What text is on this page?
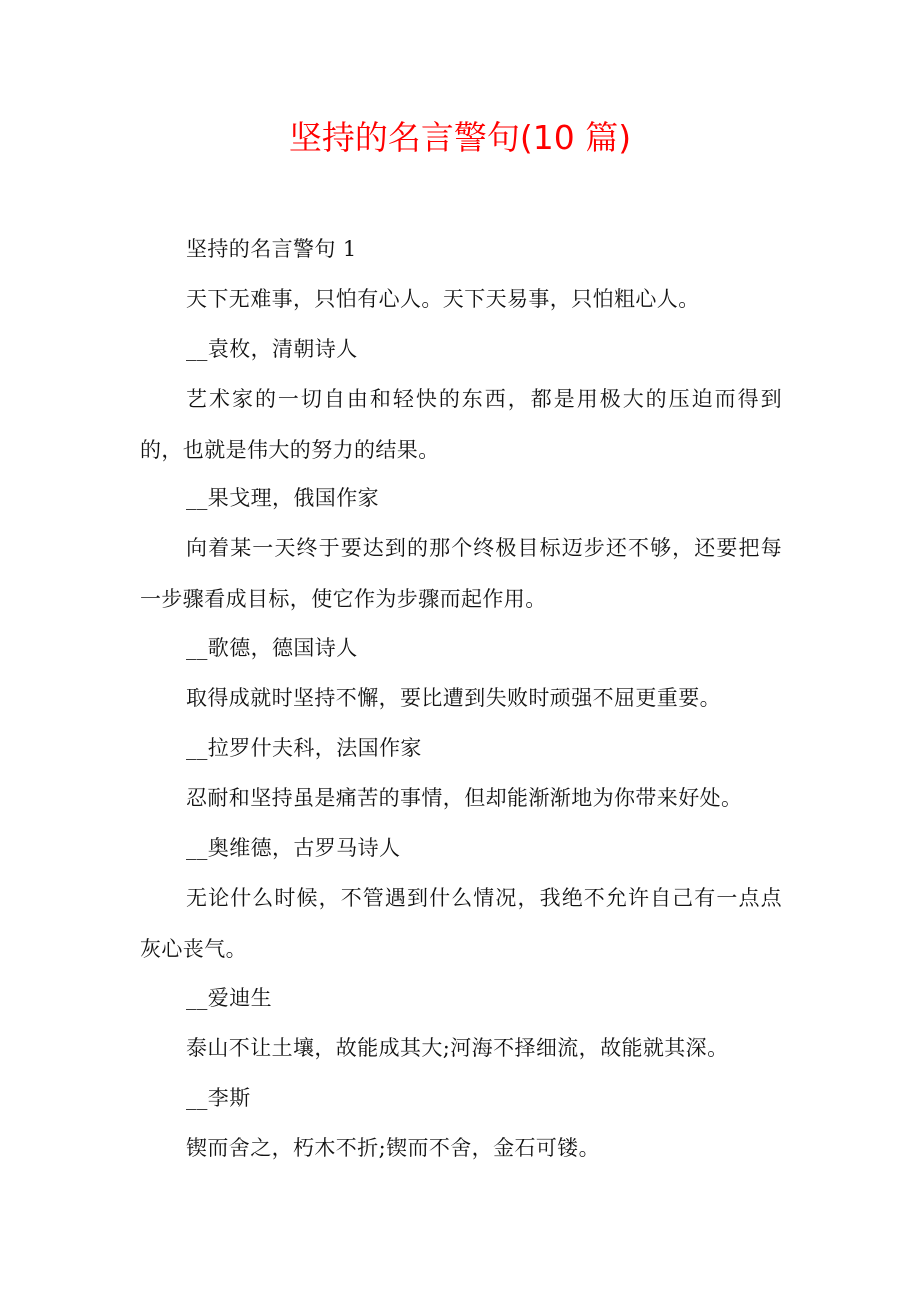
坚持的名言警句(10 篇)
坚持的名言警句 1
天下无难事，只怕有心人。天下天易事，只怕粗心人。
__袁枚，清朝诗人
艺术家的一切自由和轻快的东西，都是用极大的压迫而得到的，也就是伟大的努力的结果。
__果戈理，俄国作家
向着某一天终于要达到的那个终极目标迈步还不够，还要把每一步骤看成目标，使它作为步骤而起作用。
__歌德，德国诗人
取得成就时坚持不懈，要比遭到失败时顽强不屈更重要。
__拉罗什夫科，法国作家
忍耐和坚持虽是痛苦的事情，但却能渐渐地为你带来好处。
__奥维德，古罗马诗人
无论什么时候，不管遇到什么情况，我绝不允许自己有一点点灰心丧气。
__爱迪生
泰山不让土壤，故能成其大;河海不择细流，故能就其深。
__李斯
锲而舍之，朽木不折;锲而不舍，金石可镂。
